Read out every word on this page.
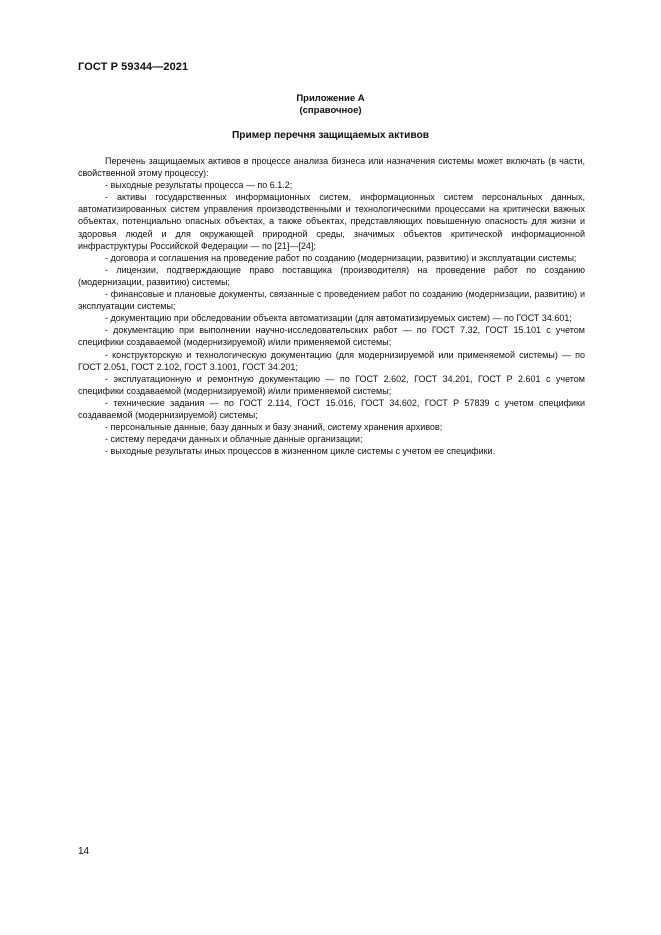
ГОСТ Р 59344—2021
Приложение А
(справочное)
Пример перечня защищаемых активов

Перечень защищаемых активов в процессе анализа бизнеса или назначения системы может включать (в части, свойственной этому процессу):

- выходные результаты процесса — по 6.1.2;

- активы государственных информационных систем, информационных систем персональных данных, автоматизированных систем управления производственными и технологическими процессами на критически важных объектах, потенциально опасных объектах, а также объектах, представляющих повышенную опасность для жизни и здоровья людей и для окружающей природной среды, значимых объектов критической информационной инфраструктуры Российской Федерации — по [21]—[24];

- договора и соглашения на проведение работ по созданию (модернизации, развитию) и эксплуатации системы;

- лицензии, подтверждающие право поставщика (производителя) на проведение работ по созданию (модернизации, развитию) системы;

- финансовые и плановые документы, связанные с проведением работ по созданию (модернизации, развитию) и эксплуатации системы;

- документацию при обследовании объекта автоматизации (для автоматизируемых систем) — по ГОСТ 34.601;

- документацию при выполнении научно-исследовательских работ — по ГОСТ 7.32, ГОСТ 15.101 с учетом специфики создаваемой (модернизируемой) и/или применяемой системы;

- конструкторскую и технологическую документацию (для модернизируемой или применяемой системы) — по ГОСТ 2.051, ГОСТ 2.102, ГОСТ 3.1001, ГОСТ 34.201;

- эксплуатационную и ремонтную документацию — по ГОСТ 2.602, ГОСТ 34.201, ГОСТ Р 2.601 с учетом специфики создаваемой (модернизируемой) и/или применяемой системы;

- технические задания — по ГОСТ 2.114, ГОСТ 15.016, ГОСТ 34.602, ГОСТ Р 57839 с учетом специфики создаваемой (модернизируемой) системы;

- персональные данные, базу данных и базу знаний, систему хранения архивов;

- систему передачи данных и облачные данные организации;

- выходные результаты иных процессов в жизненном цикле системы с учетом ее специфики.

14
